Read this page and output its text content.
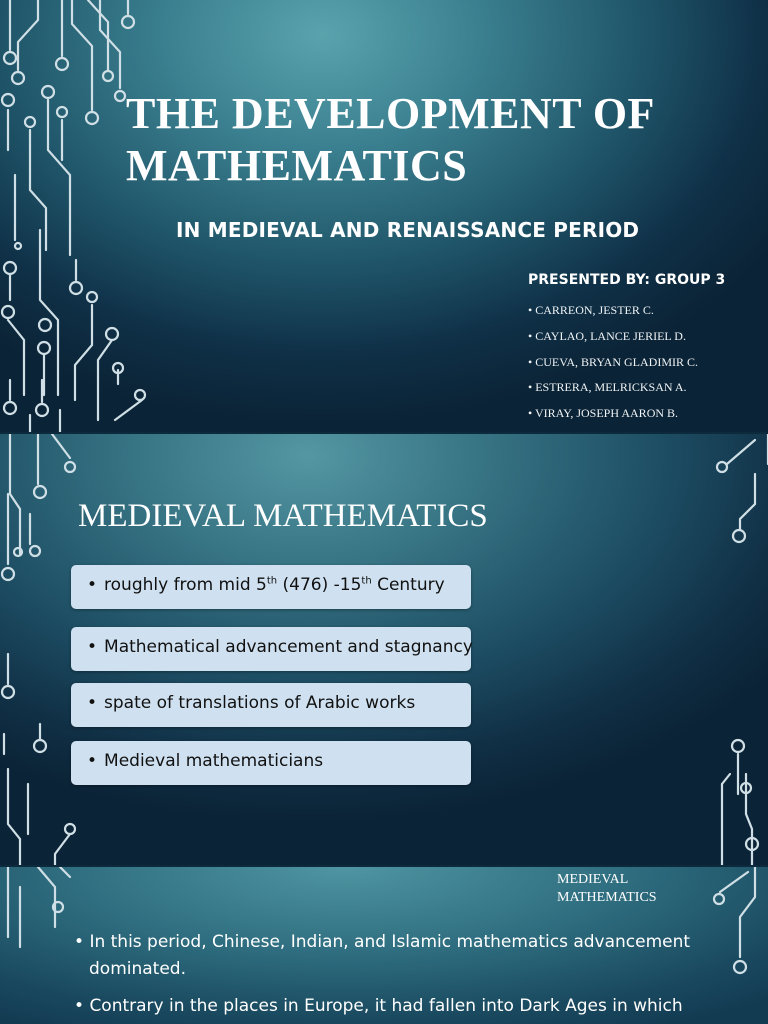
THE DEVELOPMENT OF MATHEMATICS
IN MEDIEVAL AND RENAISSANCE PERIOD
PRESENTED BY: GROUP 3
• CARREON, JESTER C.
• CAYLAO, LANCE JERIEL D.
• CUEVA, BRYAN GLADIMIR C.
• ESTRERA, MELRICKSAN A.
• VIRAY, JOSEPH AARON B.
MEDIEVAL MATHEMATICS
• roughly from mid 5th (476) -15th Century
• Mathematical advancement and stagnancy
• spate of translations of Arabic works
• Medieval mathematicians
MEDIEVAL
MATHEMATICS
• In this period, Chinese, Indian, and Islamic mathematics advancement dominated.
• Contrary in the places in Europe, it had fallen into Dark Ages in which
